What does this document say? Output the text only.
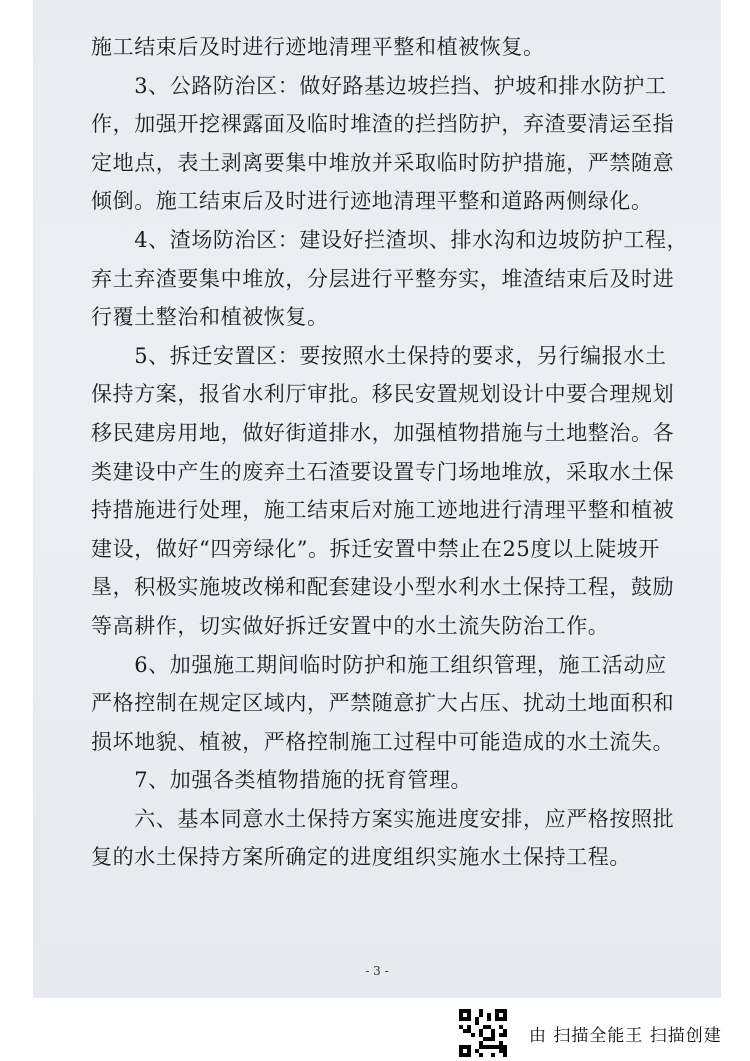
施工结束后及时进行迹地清理平整和植被恢复。

　　3、公路防治区：做好路基边坡拦挡、护坡和排水防护工

作，加强开挖裸露面及临时堆渣的拦挡防护，弃渣要清运至指

定地点，表土剥离要集中堆放并采取临时防护措施，严禁随意

倾倒。施工结束后及时进行迹地清理平整和道路两侧绿化。

　　4、渣场防治区：建设好拦渣坝、排水沟和边坡防护工程，

弃土弃渣要集中堆放，分层进行平整夯实，堆渣结束后及时进

行覆土整治和植被恢复。

　　5、拆迁安置区：要按照水土保持的要求，另行编报水土

保持方案，报省水利厅审批。移民安置规划设计中要合理规划

移民建房用地，做好街道排水，加强植物措施与土地整治。各

类建设中产生的废弃土石渣要设置专门场地堆放，采取水土保

持措施进行处理，施工结束后对施工迹地进行清理平整和植被

建设，做好“四旁绿化”。拆迁安置中禁止在25度以上陡坡开

垦，积极实施坡改梯和配套建设小型水利水土保持工程，鼓励

等高耕作，切实做好拆迁安置中的水土流失防治工作。

　　6、加强施工期间临时防护和施工组织管理，施工活动应

严格控制在规定区域内，严禁随意扩大占压、扰动土地面积和

损坏地貌、植被，严格控制施工过程中可能造成的水土流失。

　　7、加强各类植物措施的抚育管理。

　　六、基本同意水土保持方案实施进度安排，应严格按照批

复的水土保持方案所确定的进度组织实施水土保持工程。

- 3 -
由 扫描全能王 扫描创建
